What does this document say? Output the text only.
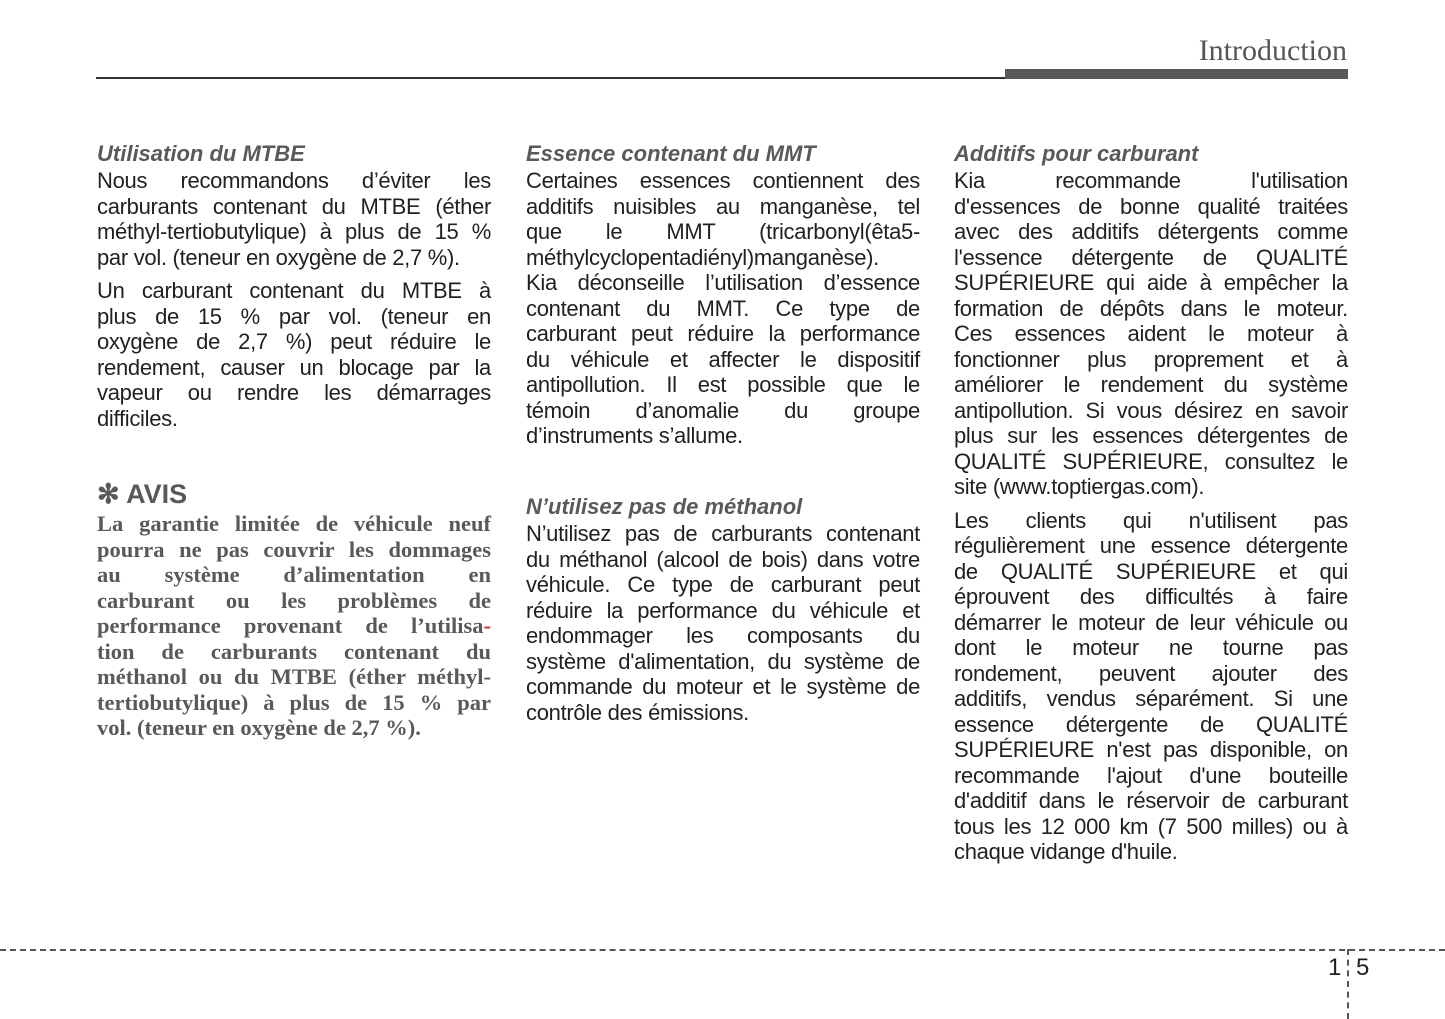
Introduction
Utilisation du MTBE
Nous recommandons d’éviter les
carburants contenant du MTBE (éther
méthyl-tertiobutylique) à plus de 15 %
par vol. (teneur en oxygène de 2,7 %).
Un carburant contenant du MTBE à
plus de 15 % par vol. (teneur en
oxygène de 2,7 %) peut réduire le
rendement, causer un blocage par la
vapeur ou rendre les démarrages
difficiles.
✻ AVIS
La garantie limitée de véhicule neuf
pourra ne pas couvrir les dommages
au système d’alimentation en
carburant ou les problèmes de
performance provenant de l’utilisa-
tion de carburants contenant du
méthanol ou du MTBE (éther méthyl-
tertiobutylique) à plus de 15 % par
vol. (teneur en oxygène de 2,7 %).
Essence contenant du MMT
Certaines essences contiennent des
additifs nuisibles au manganèse, tel
que le MMT (tricarbonyl(êta5-
méthylcyclopentadiényl)manganèse).
Kia déconseille l’utilisation d’essence
contenant du MMT. Ce type de
carburant peut réduire la performance
du véhicule et affecter le dispositif
antipollution. Il est possible que le
témoin d’anomalie du groupe
d’instruments s’allume.
N’utilisez pas de méthanol
N’utilisez pas de carburants contenant
du méthanol (alcool de bois) dans votre
véhicule. Ce type de carburant peut
réduire la performance du véhicule et
endommager les composants du
système d'alimentation, du système de
commande du moteur et le système de
contrôle des émissions.
Additifs pour carburant
Kia recommande l'utilisation
d'essences de bonne qualité traitées
avec des additifs détergents comme
l'essence détergente de QUALITÉ
SUPÉRIEURE qui aide à empêcher la
formation de dépôts dans le moteur.
Ces essences aident le moteur à
fonctionner plus proprement et à
améliorer le rendement du système
antipollution. Si vous désirez en savoir
plus sur les essences détergentes de
QUALITÉ SUPÉRIEURE, consultez le
site (www.toptiergas.com).
Les clients qui n'utilisent pas
régulièrement une essence détergente
de QUALITÉ SUPÉRIEURE et qui
éprouvent des difficultés à faire
démarrer le moteur de leur véhicule ou
dont le moteur ne tourne pas
rondement, peuvent ajouter des
additifs, vendus séparément. Si une
essence détergente de QUALITÉ
SUPÉRIEURE n'est pas disponible, on
recommande l'ajout d'une bouteille
d'additif dans le réservoir de carburant
tous les 12 000 km (7 500 milles) ou à
chaque vidange d'huile.
1 5
